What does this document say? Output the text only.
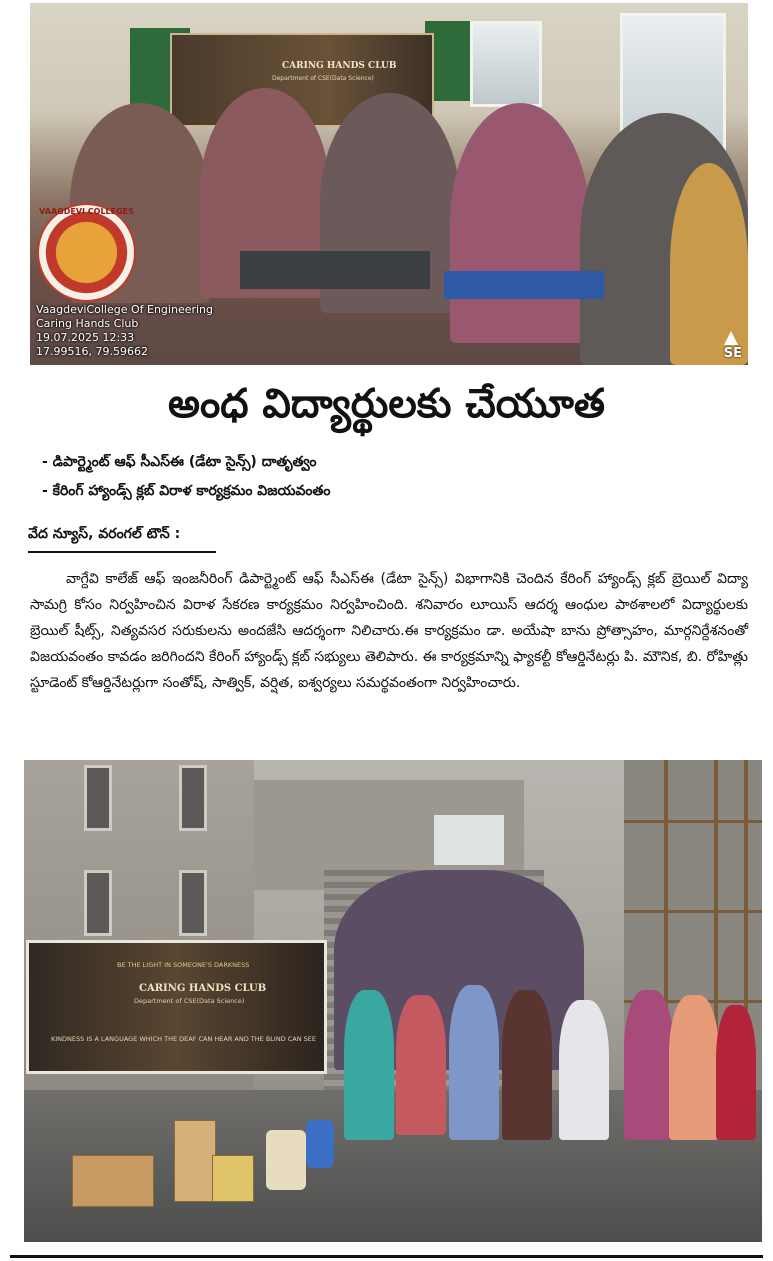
CARING HANDS CLUB
Department of CSE(Data Science)
VAAGDEVI COLLEGES
VaagdeviCollege Of Engineering
Caring Hands Club
19.07.2025 12:33
17.99516, 79.59662	SE
అంధ విద్యార్థులకు చేయూత
- డిపార్ట్మెంట్ ఆఫ్ సీఎస్ఈ (డేటా సైన్స్) దాతృత్వం
- కేరింగ్ హ్యాండ్స్ క్లబ్ విరాళ కార్యక్రమం విజయవంతం
వేద న్యూస్, వరంగల్ టౌన్ :
వాగ్దేవి కాలేజ్ ఆఫ్ ఇంజనీరింగ్ డిపార్ట్మెంట్ ఆఫ్ సీఎస్ఈ (డేటా సైన్స్) విభాగానికి చెందిన కేరింగ్ హ్యాండ్స్ క్లబ్ బ్రెయిల్ విద్యా సామగ్రి కోసం నిర్వహించిన విరాళ సేకరణ కార్యక్రమం నిర్వహించింది. శనివారం లూయిస్ ఆదర్శ ఆంధుల పాఠశాలలో విద్యార్థులకు బ్రెయిల్ షీట్స్, నిత్యవసర సరుకులను అందజేసి ఆదర్శంగా నిలిచారు.ఈ కార్యక్రమం డా. అయేషా బాను ప్రోత్సాహం, మార్గనిర్దేశనంతో విజయవంతం కావడం జరిగిందని కేరింగ్ హ్యాండ్స్ క్లబ్ సభ్యులు తెలిపారు. ఈ కార్యక్రమాన్ని ఫ్యాకల్టీ కోఆర్డినేటర్లు పి. మౌనిక, బి. రోహిత్లు స్టూడెంట్ కోఆర్డినేటర్లుగా సంతోష్, సాత్విక్, వర్షిత, ఐశ్వర్యలు సమర్థవంతంగా నిర్వహించారు.
BE THE LIGHT IN SOMEONE'S DARKNESS
CARING HANDS CLUB
Department of CSE(Data Science)
KINDNESS IS A LANGUAGE WHICH THE DEAF CAN HEAR AND THE BLIND CAN SEE
